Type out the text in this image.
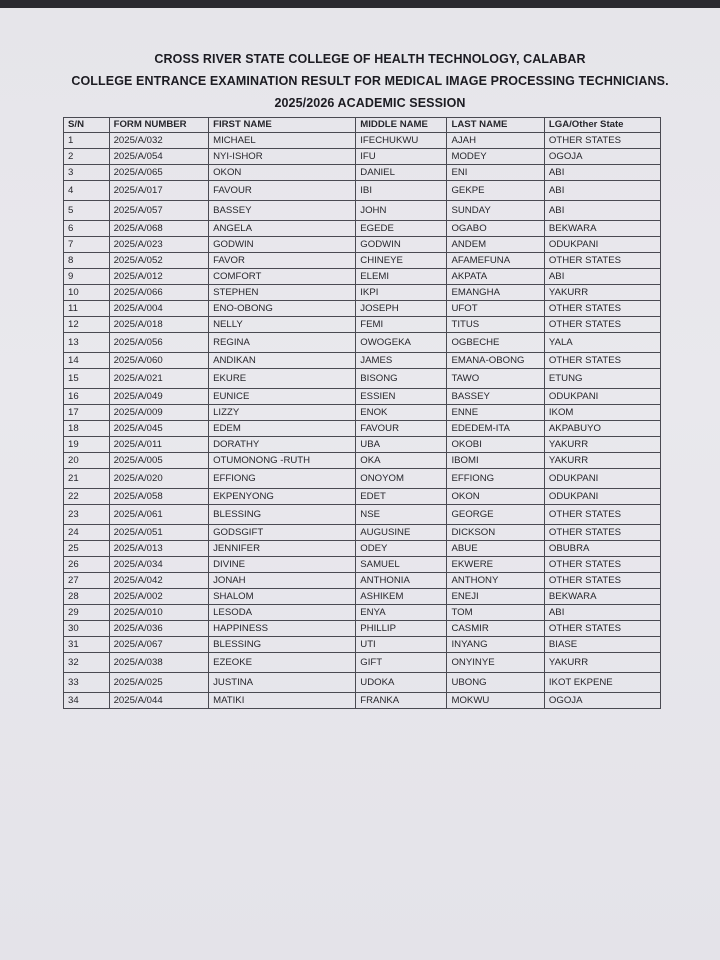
CROSS RIVER STATE COLLEGE OF HEALTH TECHNOLOGY, CALABAR
COLLEGE ENTRANCE EXAMINATION RESULT FOR MEDICAL IMAGE PROCESSING TECHNICIANS.
2025/2026 ACADEMIC SESSION
S/N	FORM NUMBER	FIRST NAME	MIDDLE NAME	LAST NAME	LGA/Other State
1	2025/A/032	MICHAEL	IFECHUKWU	AJAH	OTHER STATES
2	2025/A/054	NYI-ISHOR	IFU	MODEY	OGOJA
3	2025/A/065	OKON	DANIEL	ENI	ABI
4	2025/A/017	FAVOUR	IBI	GEKPE	ABI
5	2025/A/057	BASSEY	JOHN	SUNDAY	ABI
6	2025/A/068	ANGELA	EGEDE	OGABO	BEKWARA
7	2025/A/023	GODWIN	GODWIN	ANDEM	ODUKPANI
8	2025/A/052	FAVOR	CHINEYE	AFAMEFUNA	OTHER STATES
9	2025/A/012	COMFORT	ELEMI	AKPATA	ABI
10	2025/A/066	STEPHEN	IKPI	EMANGHA	YAKURR
11	2025/A/004	ENO-OBONG	JOSEPH	UFOT	OTHER STATES
12	2025/A/018	NELLY	FEMI	TITUS	OTHER STATES
13	2025/A/056	REGINA	OWOGEKA	OGBECHE	YALA
14	2025/A/060	ANDIKAN	JAMES	EMANA-OBONG	OTHER STATES
15	2025/A/021	EKURE	BISONG	TAWO	ETUNG
16	2025/A/049	EUNICE	ESSIEN	BASSEY	ODUKPANI
17	2025/A/009	LIZZY	ENOK	ENNE	IKOM
18	2025/A/045	EDEM	FAVOUR	EDEDEM-ITA	AKPABUYO
19	2025/A/011	DORATHY	UBA	OKOBI	YAKURR
20	2025/A/005	OTUMONONG -RUTH	OKA	IBOMI	YAKURR
21	2025/A/020	EFFIONG	ONOYOM	EFFIONG	ODUKPANI
22	2025/A/058	EKPENYONG	EDET	OKON	ODUKPANI
23	2025/A/061	BLESSING	NSE	GEORGE	OTHER STATES
24	2025/A/051	GODSGIFT	AUGUSINE	DICKSON	OTHER STATES
25	2025/A/013	JENNIFER	ODEY	ABUE	OBUBRA
26	2025/A/034	DIVINE	SAMUEL	EKWERE	OTHER STATES
27	2025/A/042	JONAH	ANTHONIA	ANTHONY	OTHER STATES
28	2025/A/002	SHALOM	ASHIKEM	ENEJI	BEKWARA
29	2025/A/010	LESODA	ENYA	TOM	ABI
30	2025/A/036	HAPPINESS	PHILLIP	CASMIR	OTHER STATES
31	2025/A/067	BLESSING	UTI	INYANG	BIASE
32	2025/A/038	EZEOKE	GIFT	ONYINYE	YAKURR
33	2025/A/025	JUSTINA	UDOKA	UBONG	IKOT EKPENE
34	2025/A/044	MATIKI	FRANKA	MOKWU	OGOJA
